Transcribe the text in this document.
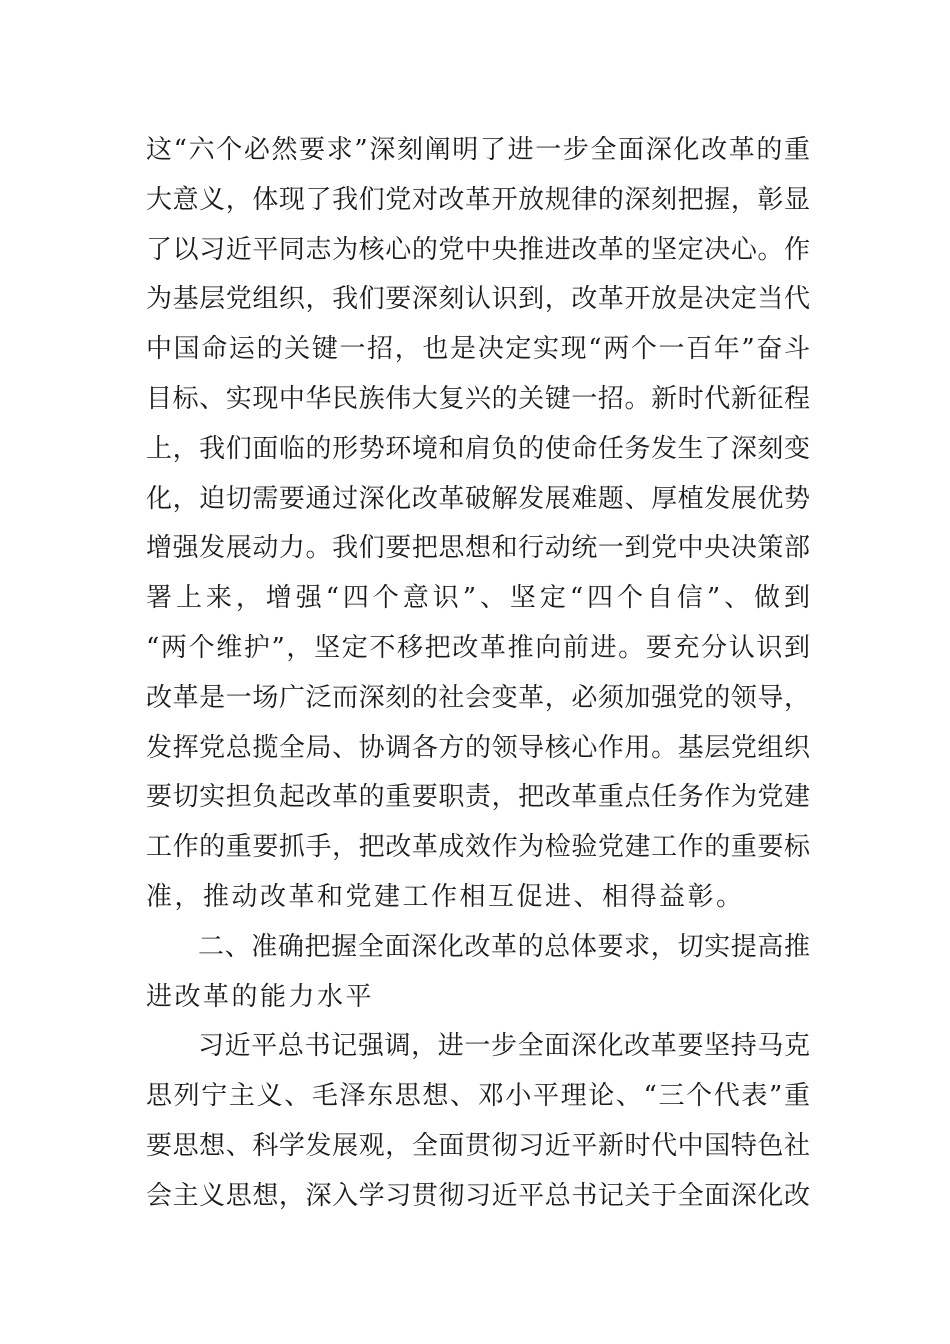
这“六个必然要求”深刻阐明了进一步全面深化改革的重
大意义，体现了我们党对改革开放规律的深刻把握，彰显
了以习近平同志为核心的党中央推进改革的坚定决心。作
为基层党组织，我们要深刻认识到，改革开放是决定当代
中国命运的关键一招，也是决定实现“两个一百年”奋斗
目标、实现中华民族伟大复兴的关键一招。新时代新征程
上，我们面临的形势环境和肩负的使命任务发生了深刻变
化，迫切需要通过深化改革破解发展难题、厚植发展优势
增强发展动力。我们要把思想和行动统一到党中央决策部
署上来，增强“四个意识”、坚定“四个自信”、做到
“两个维护”，坚定不移把改革推向前进。要充分认识到
改革是一场广泛而深刻的社会变革，必须加强党的领导，
发挥党总揽全局、协调各方的领导核心作用。基层党组织
要切实担负起改革的重要职责，把改革重点任务作为党建
工作的重要抓手，把改革成效作为检验党建工作的重要标
准，推动改革和党建工作相互促进、相得益彰。
二、准确把握全面深化改革的总体要求，切实提高推
进改革的能力水平
习近平总书记强调，进一步全面深化改革要坚持马克
思列宁主义、毛泽东思想、邓小平理论、“三个代表”重
要思想、科学发展观，全面贯彻习近平新时代中国特色社
会主义思想，深入学习贯彻习近平总书记关于全面深化改
